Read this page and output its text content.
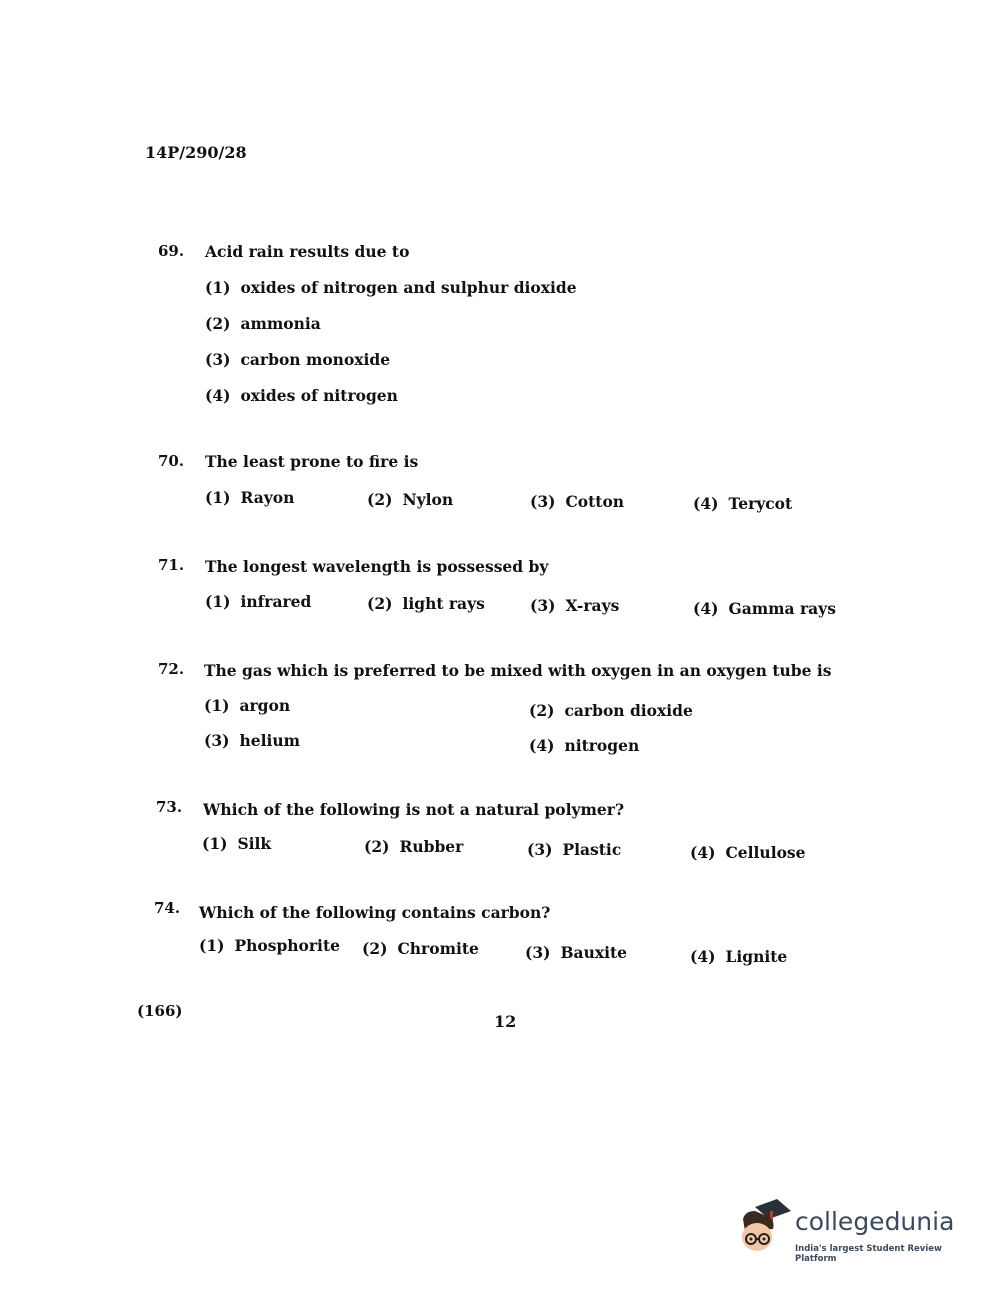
14P/290/28
69. Acid rain results due to
(1) oxides of nitrogen and sulphur dioxide
(2) ammonia
(3) carbon monoxide
(4) oxides of nitrogen
70. The least prone to fire is
(1) Rayon	(2) Nylon	(3) Cotton	(4) Terycot
71. The longest wavelength is possessed by
(1) infrared	(2) light rays	(3) X-rays	(4) Gamma rays
72. The gas which is preferred to be mixed with oxygen in an oxygen tube is
(1) argon	(2) carbon dioxide
(3) helium	(4) nitrogen
73. Which of the following is not a natural polymer?
(1) Silk	(2) Rubber	(3) Plastic	(4) Cellulose
74. Which of the following contains carbon?
(1) Phosphorite (2) Chromite	(3) Bauxite	(4) Lignite
(166)
12
collegedunia
India's largest Student Review Platform
